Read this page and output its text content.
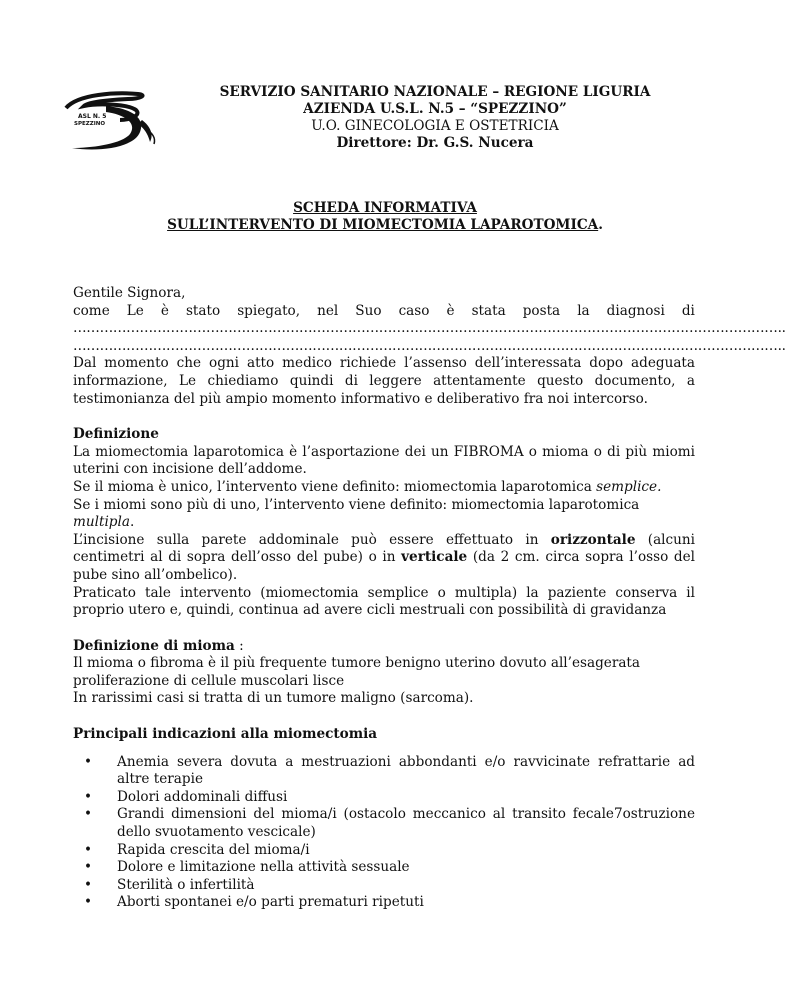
ASL N. 5
SPEZZINO
SERVIZIO SANITARIO NAZIONALE – REGIONE LIGURIA
AZIENDA U.S.L. N.5 – “SPEZZINO”
U.O. GINECOLOGIA E OSTETRICIA
Direttore: Dr. G.S. Nucera
SCHEDA INFORMATIVA
SULL’INTERVENTO DI MIOMECTOMIA LAPAROTOMICA.
Gentile Signora,
come Le è stato spiegato, nel Suo caso è stata posta la diagnosi di
……………………………………………………………………………………………………………………………………………..
……………………………………………………………………………………………………………………………………………..
Dal momento che ogni atto medico richiede l’assenso dell’interessata dopo adeguata informazione, Le chiediamo quindi di leggere attentamente questo documento, a testimonianza del più ampio momento informativo e deliberativo fra noi intercorso.
Definizione
La miomectomia laparotomica è l’asportazione dei un FIBROMA o mioma o di più miomi uterini con incisione dell’addome.
Se il mioma è unico, l’intervento viene definito: miomectomia laparotomica semplice.
Se i miomi sono più di uno, l’intervento viene definito: miomectomia laparotomica multipla.
L’incisione sulla parete addominale può essere effettuato in orizzontale (alcuni centimetri al di sopra dell’osso del pube) o in verticale (da 2 cm. circa sopra l’osso del pube sino all’ombelico).
Praticato tale intervento (miomectomia semplice o multipla) la paziente conserva il proprio utero e, quindi, continua ad avere cicli mestruali con possibilità di gravidanza
Definizione di mioma :
Il mioma o fibroma è il più frequente tumore benigno uterino dovuto all’esagerata
proliferazione di cellule muscolari lisce
In rarissimi casi si tratta di un tumore maligno (sarcoma).
Principali indicazioni alla miomectomia
• Anemia severa dovuta a mestruazioni abbondanti e/o ravvicinate refrattarie ad altre terapie
• Dolori addominali diffusi
• Grandi dimensioni del mioma/i (ostacolo meccanico al transito fecale7ostruzione dello svuotamento vescicale)
• Rapida crescita del mioma/i
• Dolore e limitazione nella attività sessuale
• Sterilità o infertilità
• Aborti spontanei e/o parti prematuri ripetuti
